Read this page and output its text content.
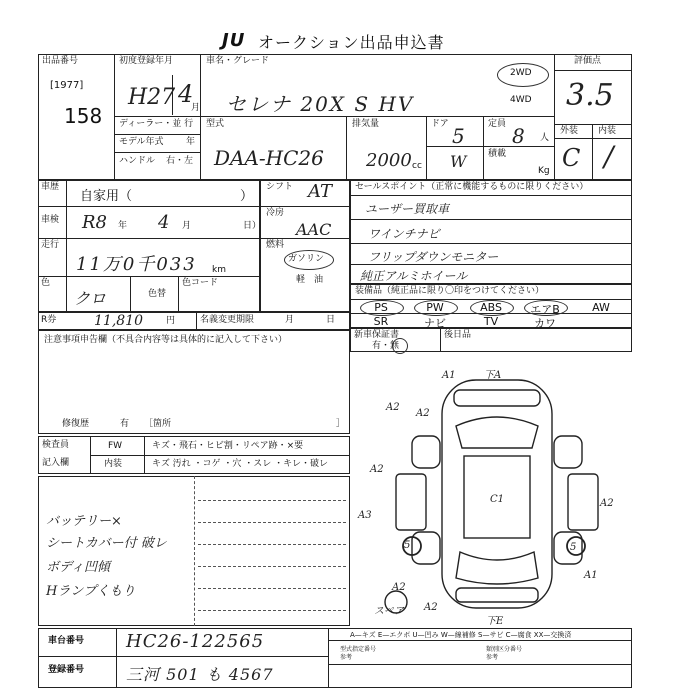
JU オークション出品申込書
出品番号
[1977]
158
初度登録年月
H27 4
月
ディーラー・並 行
モデル年式 年
ハンドル 右・左
車名・グレード
セレナ 20X S HV
2WD
4WD
型式
DAA-HC26
排気量
2000 cc
ドア 5
W
定員 8 人
積載
Kg
評価点
3.5
外装 内装
C /
車歴
自家用（	）
車検 R8 年 4 月	日）
走行
11万0千033 km
色
クロ	色替
色コード
シフト AT
冷房
AAC
燃料
ガソリン
軽 油
セールスポイント（正常に機能するものに限りください）
ユーザー買取車
ワインチナビ
フリップダウンモニター
純正アルミホイール
装備品（純正品に限り〇印をつけてください）
PS	PW	ABS	エアB	AW
SR	ナビ	TV	カワ
R券	11,810	円	名義変更期限	月	日
新車保証書
有・無
後日品
注意事項申告欄（不具合内容等は具体的に記入して下さい）
修復歴	有 ［箇所	］
検査員
記入欄
FW	キズ・飛石・ヒビ割・リペア跡・×要
内装	キズ 汚れ ・コゲ ・穴 ・スレ ・キレ・破レ
バッテリー×
シートカバー付 破レ
ボディ凹傾
Hランプくもり
A1	下A
A2
A2
A3
C1	A2
5	5
A1
A2
A2
A2
スペア
下E
車台番号 HC26-122565
登録番号	三河 501 も 4567
A—キズ E—エクボ U—凹み W—線補修 S—サビ C—腐食 XX—交換済
型式指定番号
参考
類別区分番号
参考
